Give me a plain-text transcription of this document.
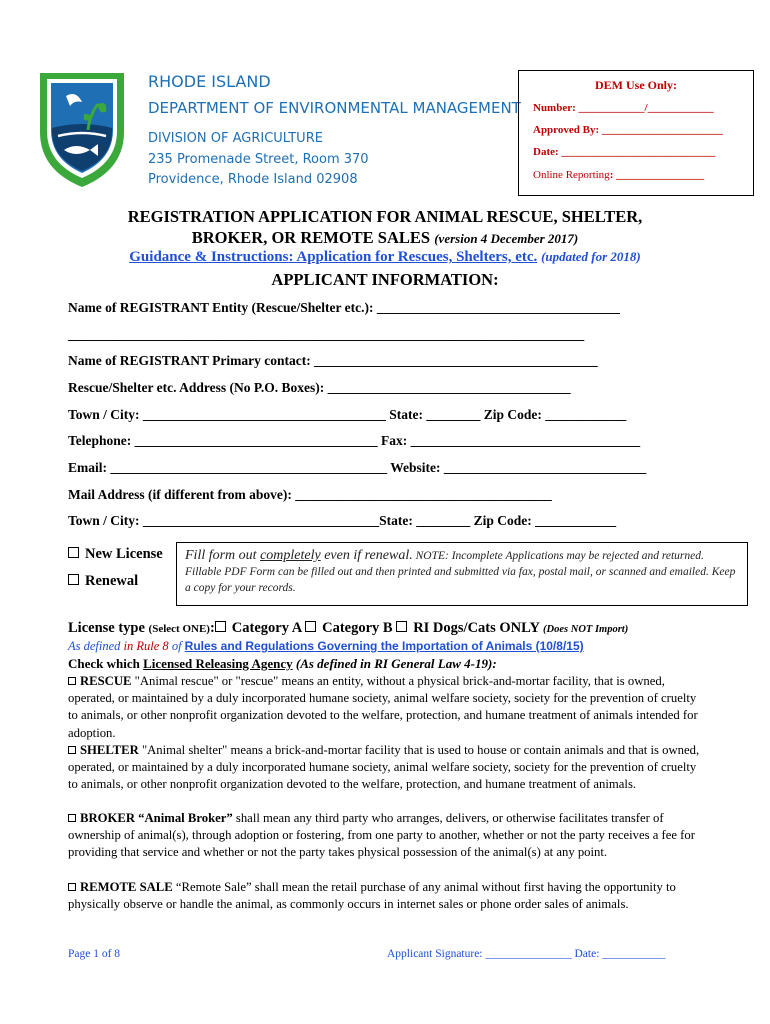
RHODE ISLAND
DEPARTMENT OF ENVIRONMENTAL MANAGEMENT
DIVISION OF AGRICULTURE
235 Promenade Street, Room 370
Providence, Rhode Island 02908
DEM Use Only:
Number: ____________/____________
Approved By: ______________________
Date: ____________________________
Online Reporting: ________________
REGISTRATION APPLICATION FOR ANIMAL RESCUE, SHELTER,
BROKER, OR REMOTE SALES (version 4 December 2017)
Guidance & Instructions: Application for Rescues, Shelters, etc. (updated for 2018)
APPLICANT INFORMATION:
Name of REGISTRANT Entity (Rescue/Shelter etc.): ____________________________________
________________________________________________________________________________
Name of REGISTRANT Primary contact: __________________________________________
Rescue/Shelter etc. Address (No P.O. Boxes): ____________________________________
Town / City: ____________________________________ State: ________ Zip Code: ____________
Telephone: ____________________________________ Fax: __________________________________
Email: _________________________________________ Website: ______________________________
Mail Address (if different from above): ______________________________________
Town / City: ___________________________________State: ________ Zip Code: ____________
New License
Renewal
Fill form out completely even if renewal. NOTE: Incomplete Applications may be rejected and returned. Fillable PDF Form can be filled out and then printed and submitted via fax, postal mail, or scanned and emailed. Keep a copy for your records.
License type (Select ONE): Category A Category B RI Dogs/Cats ONLY (Does NOT Import)
As defined in Rule 8 of Rules and Regulations Governing the Importation of Animals (10/8/15)
Check which Licensed Releasing Agency (As defined in RI General Law 4-19):
RESCUE "Animal rescue" or "rescue" means an entity, without a physical brick-and-mortar facility, that is owned, operated, or maintained by a duly incorporated humane society, animal welfare society, society for the prevention of cruelty to animals, or other nonprofit organization devoted to the welfare, protection, and humane treatment of animals intended for adoption.
SHELTER "Animal shelter" means a brick-and-mortar facility that is used to house or contain animals and that is owned, operated, or maintained by a duly incorporated humane society, animal welfare society, society for the prevention of cruelty to animals, or other nonprofit organization devoted to the welfare, protection, and humane treatment of animals.
BROKER “Animal Broker” shall mean any third party who arranges, delivers, or otherwise facilitates transfer of ownership of animal(s), through adoption or fostering, from one party to another, whether or not the party receives a fee for providing that service and whether or not the party takes physical possession of the animal(s) at any point.
REMOTE SALE “Remote Sale” shall mean the retail purchase of any animal without first having the opportunity to physically observe or handle the animal, as commonly occurs in internet sales or phone order sales of animals.
Page 1 of 8	Applicant Signature: _______________ Date: ___________
